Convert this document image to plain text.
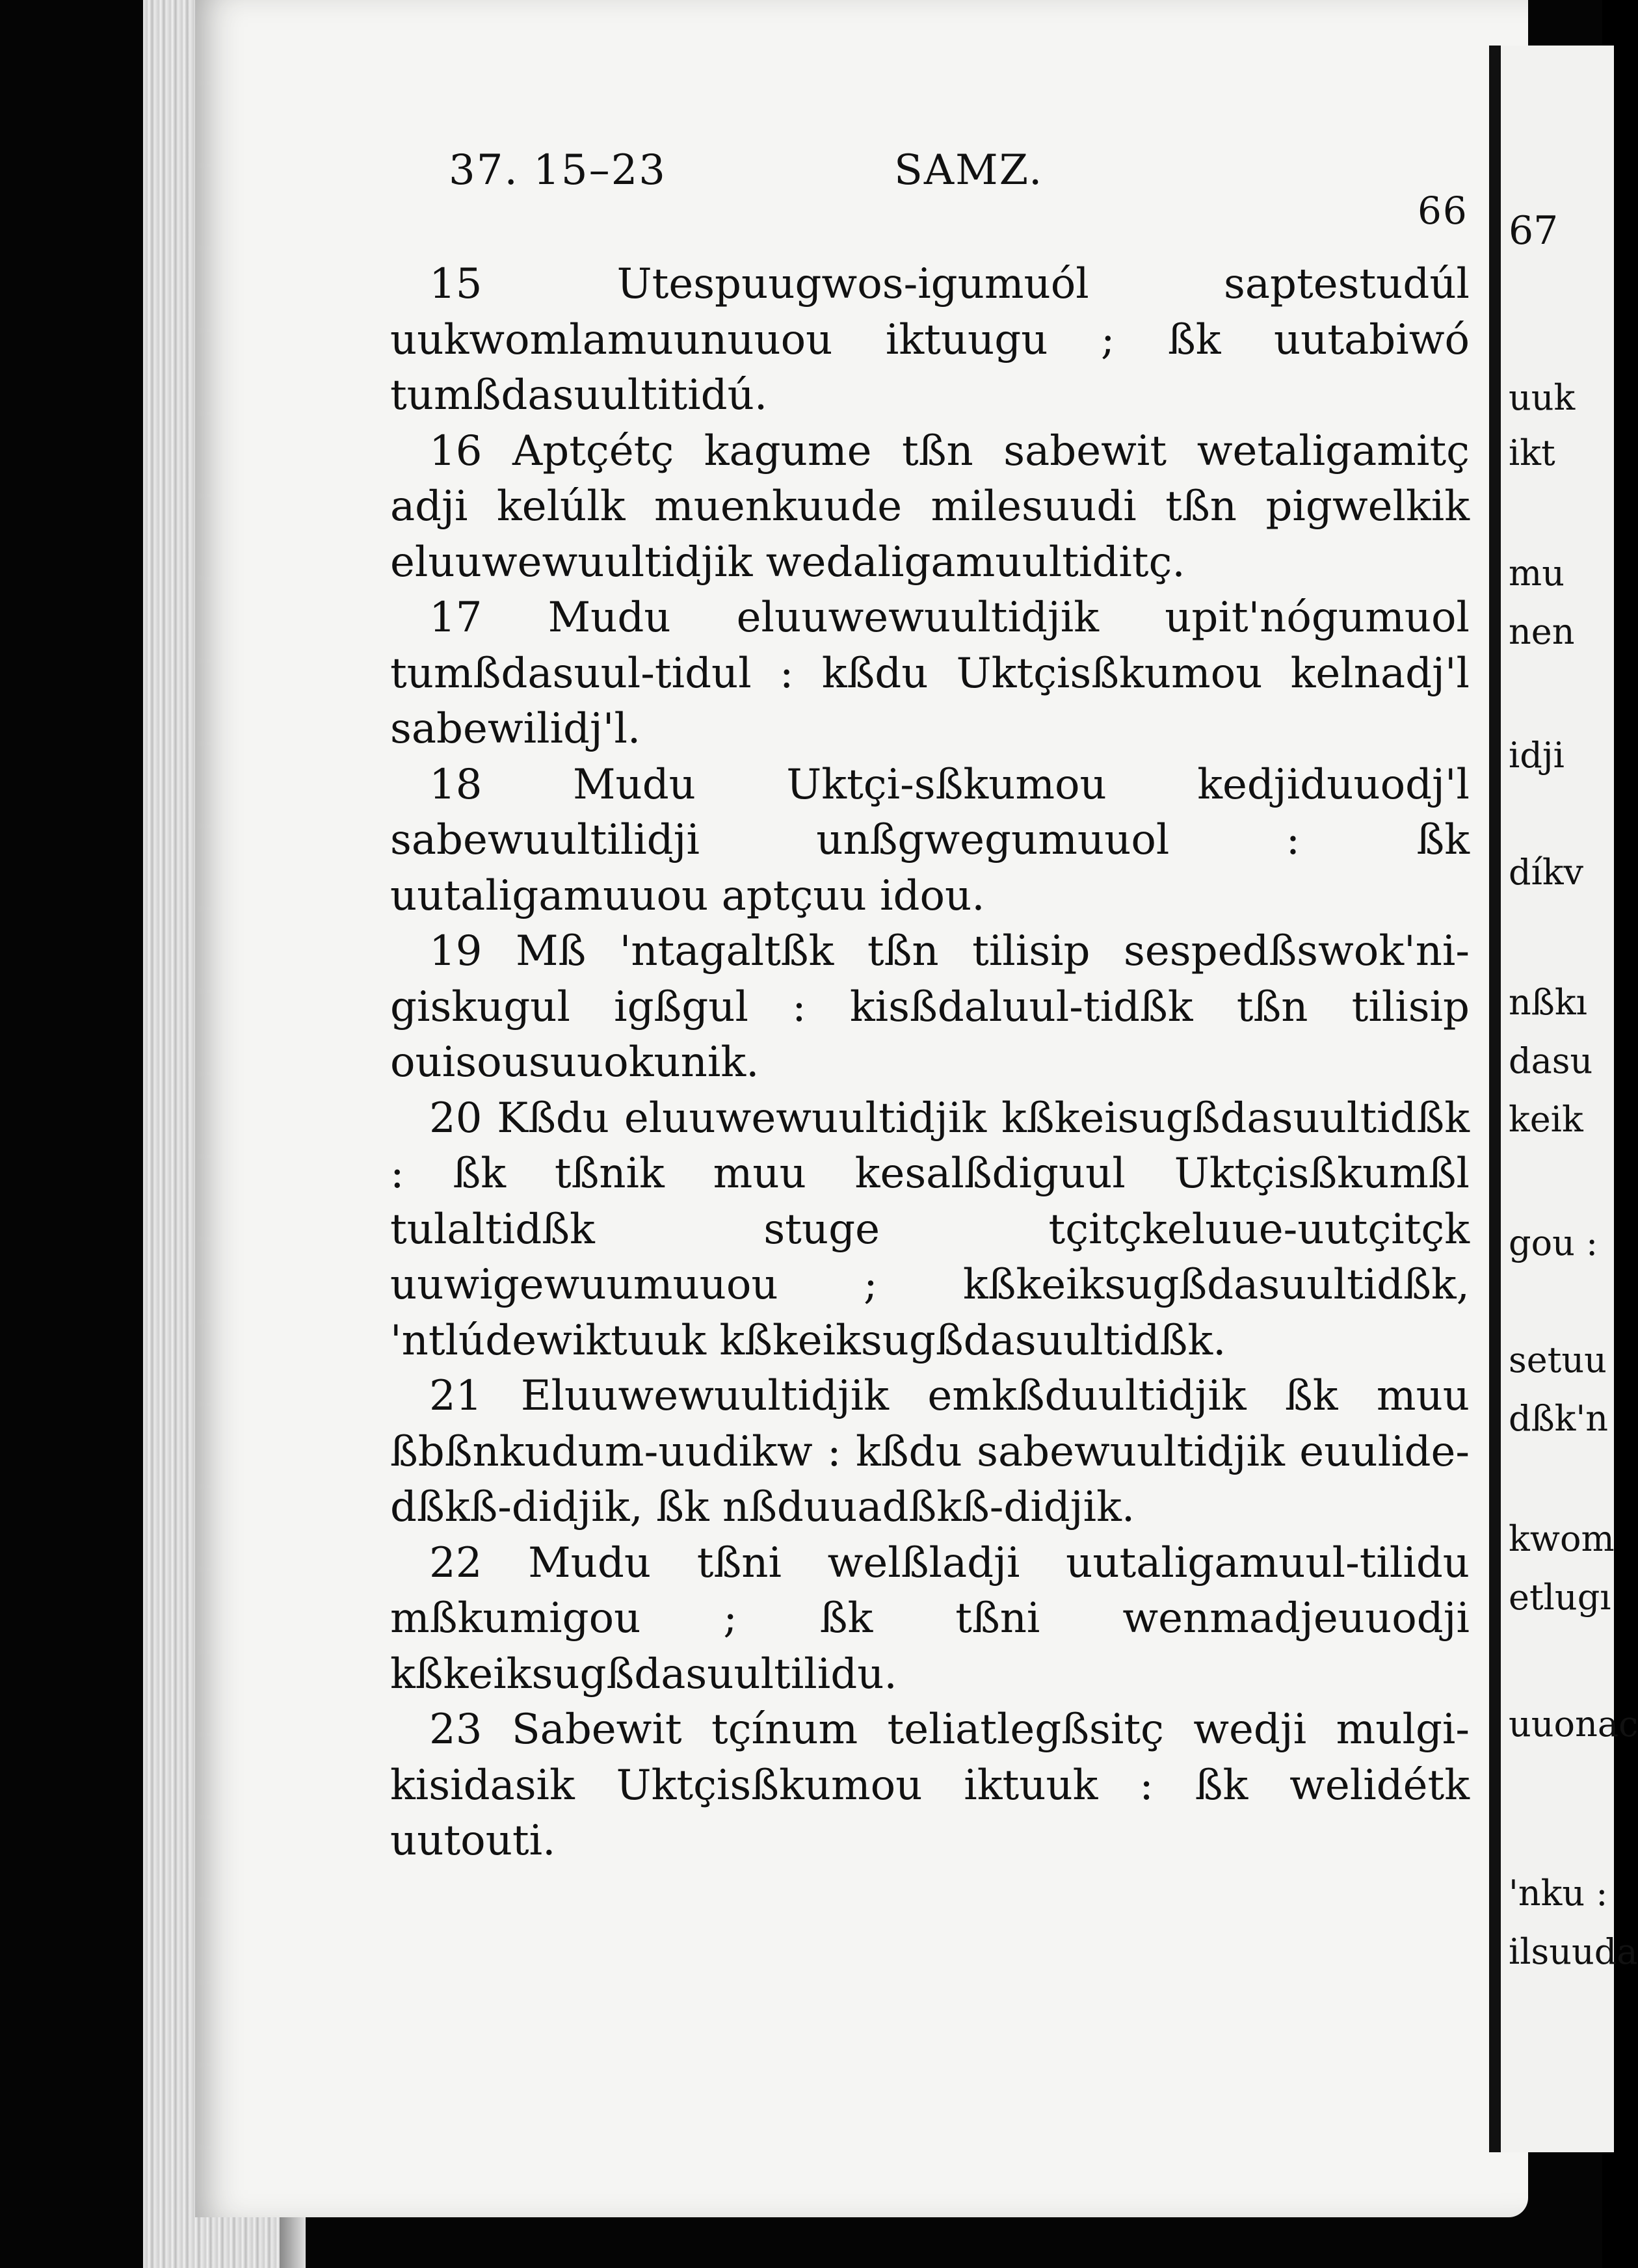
67
uuk
ikt
mu
nen
idji
díkv
nßkı
dasu
keik
gou :
setuu
dßk'n
kwom
etlugı
uuonac
'nku :
ilsuuda
37. 15–23	SAMZ.
66

15	Utespuugwos-igumuól saptestudúl uukwomlamuunuuou iktuugu ; ßk uutabiwó tumßdasuultitidú.

16 Aptçétç kagume tßn sabewit wetaligamitç adji kelúlk muenkuude milesuudi tßn pigwelkik eluuwewuultidjik wedaligamuultiditç.

17 Mudu eluuwewuultidjik upit'nógumuol tumßdasuul-tidul : kßdu Uktçisßkumou kelnadj'l sabewilidj'l.

18 Mudu Uktçi-sßkumou kedjiduuodj'l sabewuultilidji unßgwegumuuol : ßk uutaligamuuou aptçuu idou.

19 Mß 'ntagaltßk tßn tilisip sespedßswok'ni-giskugul igßgul : kisßdaluul-tidßk tßn tilisip ouisousuuokunik.

20 Kßdu eluuwewuultidjik kßkeisugßdasuultidßk : ßk tßnik muu kesalßdiguul Uktçisßkumßl tulaltidßk stuge tçitçkeluue-uutçitçk uuwigewuumuuou ; kßkeiksugßdasuultidßk, 'ntlúdewiktuuk kßkeiksugßdasuultidßk.

21 Eluuwewuultidjik emkßduultidjik ßk muu ßbßnkudum-uudikw : kßdu sabewuultidjik euulide-dßkß-didjik, ßk nßduuadßkß-didjik.

22 Mudu tßni welßladji uutaligamuul-tilidu mßkumigou ; ßk tßni wenmadjeuuodji kßkeiksugßdasuultilidu.

23 Sabewit tçínum teliatlegßsitç wedji mulgi-kisidasik Uktçisßkumou iktuuk : ßk welidétk uutouti.
